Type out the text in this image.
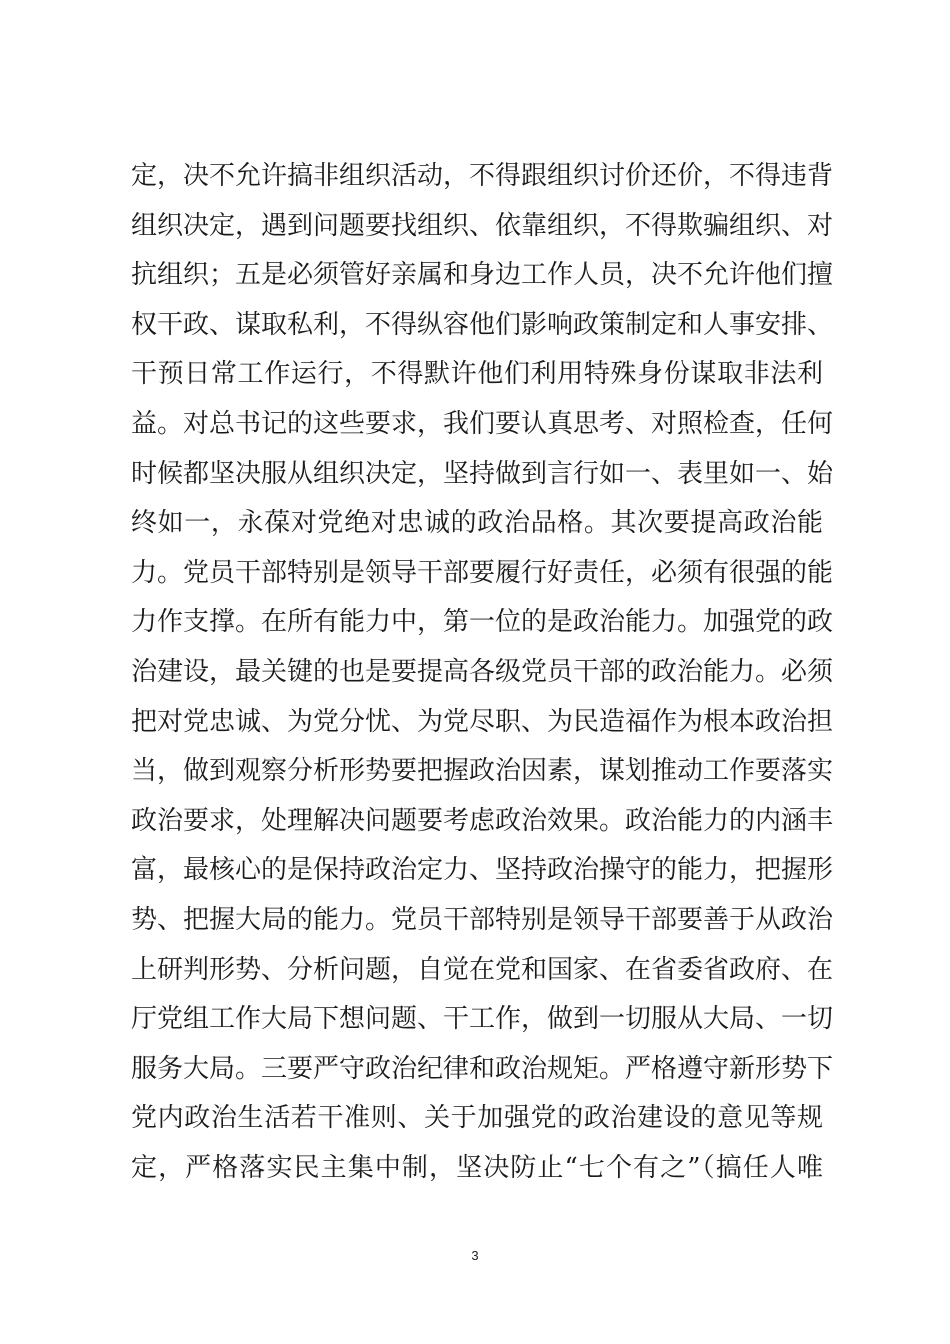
定，决不允许搞非组织活动，不得跟组织讨价还价，不得违背
组织决定，遇到问题要找组织、依靠组织，不得欺骗组织、对
抗组织；五是必须管好亲属和身边工作人员，决不允许他们擅
权干政、谋取私利，不得纵容他们影响政策制定和人事安排、
干预日常工作运行，不得默许他们利用特殊身份谋取非法利
益。对总书记的这些要求，我们要认真思考、对照检查，任何
时候都坚决服从组织决定，坚持做到言行如一、表里如一、始
终如一，永葆对党绝对忠诚的政治品格。其次要提高政治能
力。党员干部特别是领导干部要履行好责任，必须有很强的能
力作支撑。在所有能力中，第一位的是政治能力。加强党的政
治建设，最关键的也是要提高各级党员干部的政治能力。必须
把对党忠诚、为党分忧、为党尽职、为民造福作为根本政治担
当，做到观察分析形势要把握政治因素，谋划推动工作要落实
政治要求，处理解决问题要考虑政治效果。政治能力的内涵丰
富，最核心的是保持政治定力、坚持政治操守的能力，把握形
势、把握大局的能力。党员干部特别是领导干部要善于从政治
上研判形势、分析问题，自觉在党和国家、在省委省政府、在
厅党组工作大局下想问题、干工作，做到一切服从大局、一切
服务大局。三要严守政治纪律和政治规矩。严格遵守新形势下
党内政治生活若干准则、关于加强党的政治建设的意见等规
定，严格落实民主集中制，坚决防止“七个有之”（搞任人唯
3
